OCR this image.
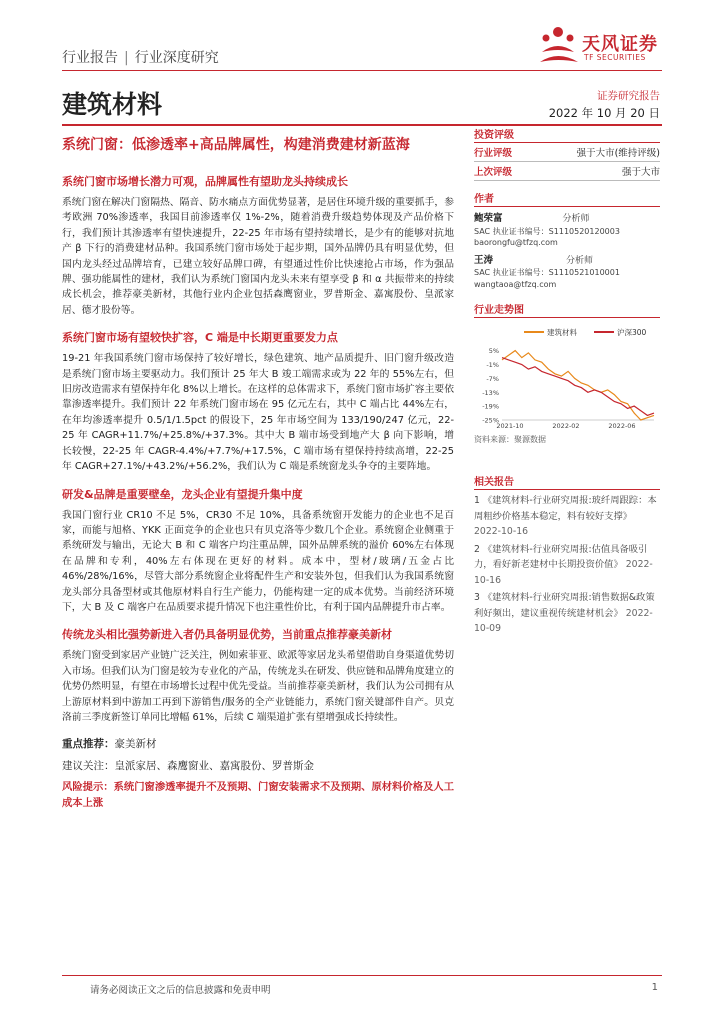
行业报告 | 行业深度研究
天风证券
TF SECURITIES
建筑材料	证券研究报告
2022 年 10 月 20 日
系统门窗：低渗透率+高品牌属性，构建消费建材新蓝海
系统门窗市场增长潜力可观，品牌属性有望助龙头持续成长
系统门窗在解决门窗隔热、隔音、防水痛点方面优势显著，是居住环境升级的重要抓手，参考欧洲 70%渗透率，我国目前渗透率仅 1%-2%，随着消费升级趋势体现及产品价格下行，我们预计其渗透率有望快速提升，22-25 年市场有望持续增长，是少有的能够对抗地产 β 下行的消费建材品种。我国系统门窗市场处于起步期，国外品牌仍具有明显优势，但国内龙头经过品牌培育，已建立较好品牌口碑，有望通过性价比快速抢占市场，作为强品牌、强功能属性的建材，我们认为系统门窗国内龙头未来有望享受 β 和 α 共振带来的持续成长机会，推荐豪美新材，其他行业内企业包括森鹰窗业，罗普斯金、嘉寓股份、皇派家居、德才股份等。
系统门窗市场有望较快扩容，C 端是中长期更重要发力点
19-21 年我国系统门窗市场保持了较好增长，绿色建筑、地产品质提升、旧门窗升级改造是系统门窗市场主要驱动力。我们预计 25 年大 B 竣工端需求或为 22 年的 55%左右，但旧房改造需求有望保持年化 8%以上增长。在这样的总体需求下，系统门窗市场扩容主要依靠渗透率提升。我们预计 22 年系统门窗市场在 95 亿元左右，其中 C 端占比 44%左右，在年均渗透率提升 0.5/1/1.5pct 的假设下，25 年市场空间为 133/190/247 亿元，22-25 年 CAGR+11.7%/+25.8%/+37.3%。其中大 B 端市场受到地产大 β 向下影响，增长较慢，22-25 年 CAGR-4.4%/+7.7%/+17.5%，C 端市场有望保持持续高增，22-25 年 CAGR+27.1%/+43.2%/+56.2%，我们认为 C 端是系统窗龙头争夺的主要阵地。
研发&品牌是重要壁垒，龙头企业有望提升集中度
我国门窗行业 CR10 不足 5%，CR30 不足 10%，具备系统窗开发能力的企业也不足百家，而能与旭格、YKK 正面竞争的企业也只有贝克洛等少数几个企业。系统窗企业侧重于系统研发与输出，无论大 B 和 C 端客户均注重品牌，国外品牌系统的溢价 60%左右体现在品牌和专利，40%左右体现在更好的材料。成本中，型材/玻璃/五金占比 46%/28%/16%，尽管大部分系统窗企业将配件生产和安装外包，但我们认为我国系统窗龙头部分具备型材或其他原材料自行生产能力，仍能构建一定的成本优势。当前经济环境下，大 B 及 C 端客户在品质要求提升情况下也注重性价比，有利于国内品牌提升市占率。
传统龙头相比强势新进入者仍具备明显优势，当前重点推荐豪美新材
系统门窗受到家居产业链广泛关注，例如索菲亚、欧派等家居龙头希望借助自身渠道优势切入市场。但我们认为门窗是较为专业化的产品，传统龙头在研发、供应链和品牌角度建立的优势仍然明显，有望在市场增长过程中优先受益。当前推荐豪美新材，我们认为公司拥有从上游原材料到中游加工再到下游销售/服务的全产业链能力，系统门窗关键部件自产。贝克洛前三季度新签订单同比增幅 61%，后续 C 端渠道扩张有望增强成长持续性。
重点推荐：豪美新材
建议关注：皇派家居、森鹰窗业、嘉寓股份、罗普斯金
风险提示：系统门窗渗透率提升不及预期、门窗安装需求不及预期、原材料价格及人工成本上涨
投资评级
行业评级	强于大市(维持评级)
上次评级	强于大市
作者
鲍荣富	分析师
SAC 执业证书编号：S1110520120003
baorongfu@tfzq.com
王涛	分析师
SAC 执业证书编号：S1110521010001
wangtaoa@tfzq.com
行业走势图
建筑材料	沪深300
5%
-1%
-7%
-13%
-19%
-25%
2021-10	2022-02	2022-06
资料来源：聚源数据
相关报告
1 《建筑材料-行业研究周报:玻纤周跟踪：本周粗纱价格基本稳定，料有较好支撑》 2022-10-16
2 《建筑材料-行业研究周报:估值具备吸引力，看好新老建材中长期投资价值》 2022-10-16
3 《建筑材料-行业研究周报:销售数据&政策利好频出，建议重视传统建材机会》 2022-10-09
请务必阅读正文之后的信息披露和免责申明	1
